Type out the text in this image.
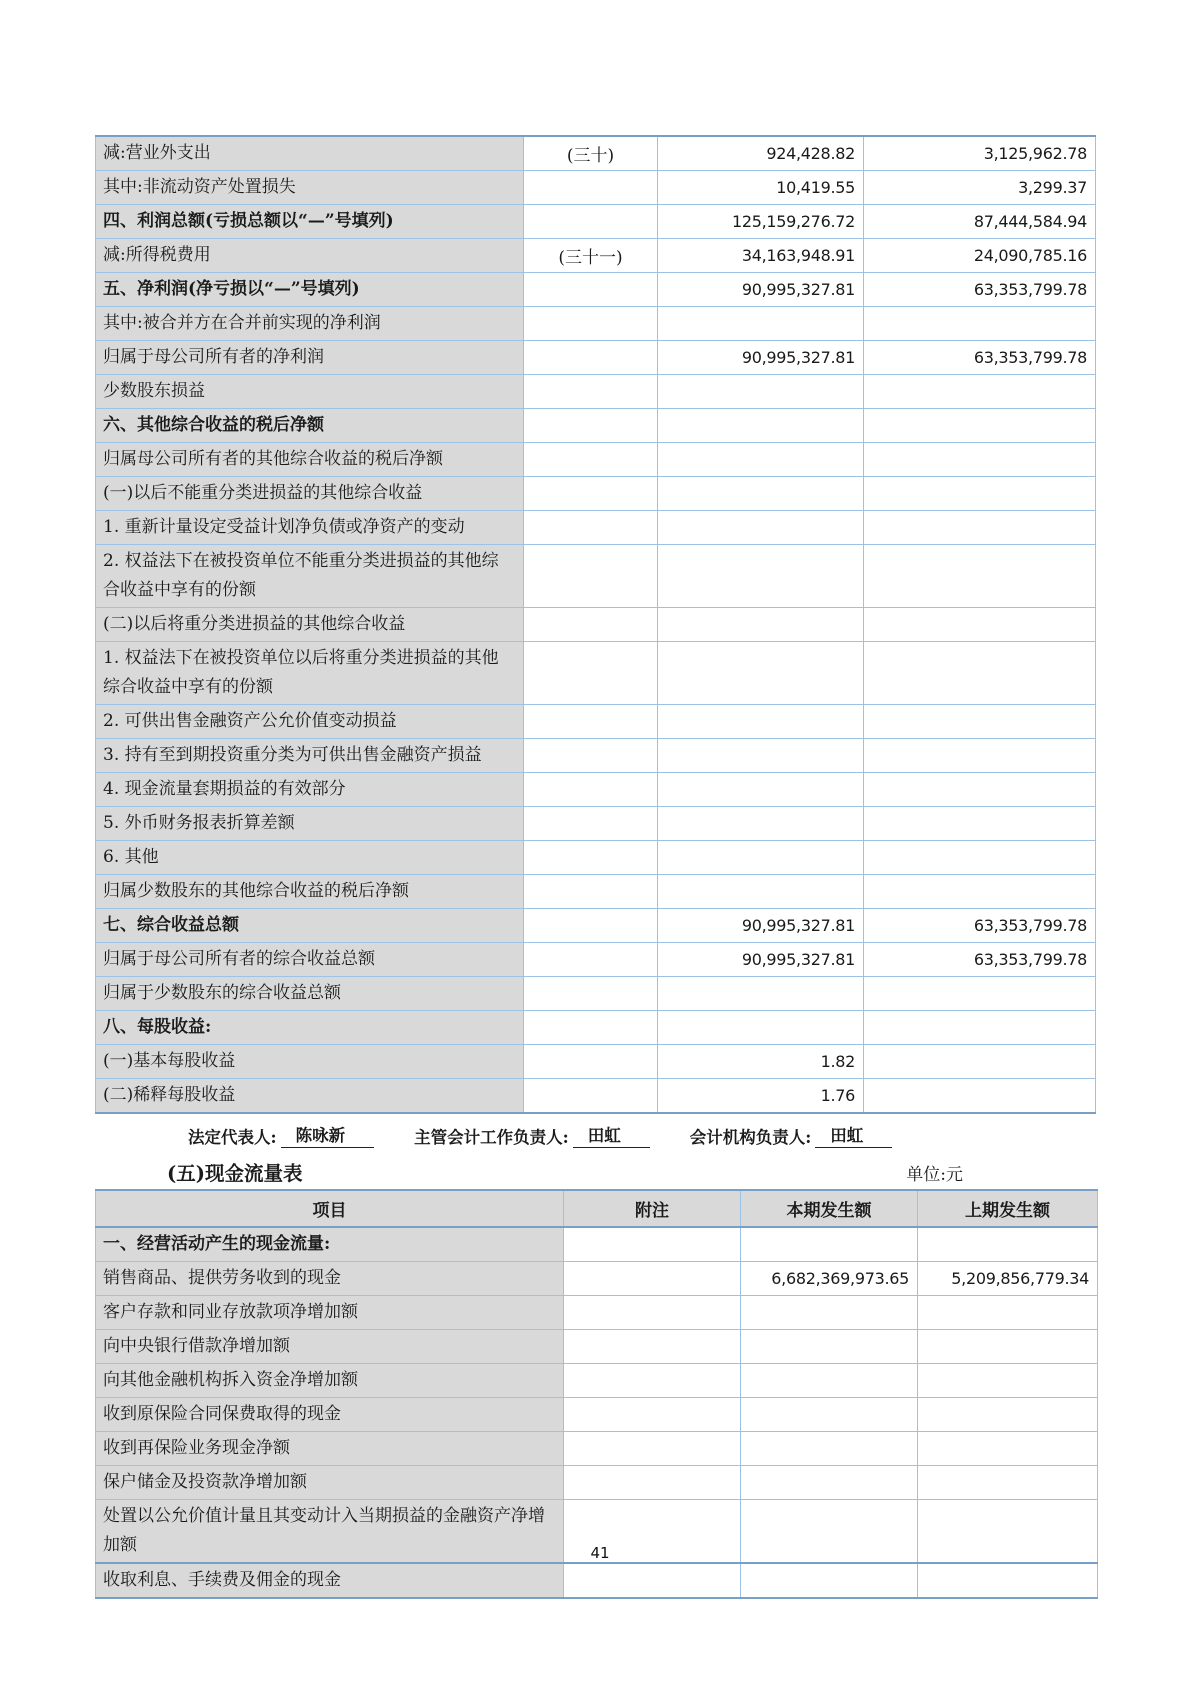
减:营业外支出	(三十)	924,428.82	3,125,962.78
其中:非流动资产处置损失		10,419.55	3,299.37
四、利润总额(亏损总额以“—”号填列)		125,159,276.72	87,444,584.94
减:所得税费用	(三十一)	34,163,948.91	24,090,785.16
五、净利润(净亏损以“—”号填列)		90,995,327.81	63,353,799.78
其中:被合并方在合并前实现的净利润			
归属于母公司所有者的净利润		90,995,327.81	63,353,799.78
少数股东损益			
六、其他综合收益的税后净额			
归属母公司所有者的其他综合收益的税后净额			
(一)以后不能重分类进损益的其他综合收益			
1. 重新计量设定受益计划净负债或净资产的变动			
2. 权益法下在被投资单位不能重分类进损益的其他综合收益中享有的份额			
(二)以后将重分类进损益的其他综合收益			
1. 权益法下在被投资单位以后将重分类进损益的其他综合收益中享有的份额			
2. 可供出售金融资产公允价值变动损益			
3. 持有至到期投资重分类为可供出售金融资产损益			
4. 现金流量套期损益的有效部分			
5. 外币财务报表折算差额			
6. 其他			
归属少数股东的其他综合收益的税后净额			
七、综合收益总额		90,995,327.81	63,353,799.78
归属于母公司所有者的综合收益总额		90,995,327.81	63,353,799.78
归属于少数股东的综合收益总额			
八、每股收益:			
(一)基本每股收益		1.82	
(二)稀释每股收益		1.76	
法定代表人:	陈咏新	主管会计工作负责人:	田虹	会计机构负责人:	田虹
(五)现金流量表	单位:元
项目	附注	本期发生额	上期发生额
一、经营活动产生的现金流量:			
销售商品、提供劳务收到的现金		6,682,369,973.65	5,209,856,779.34
客户存款和同业存放款项净增加额			
向中央银行借款净增加额			
向其他金融机构拆入资金净增加额			
收到原保险合同保费取得的现金			
收到再保险业务现金净额			
保户储金及投资款净增加额			
处置以公允价值计量且其变动计入当期损益的金融资产净增加额			
收取利息、手续费及佣金的现金			
41
